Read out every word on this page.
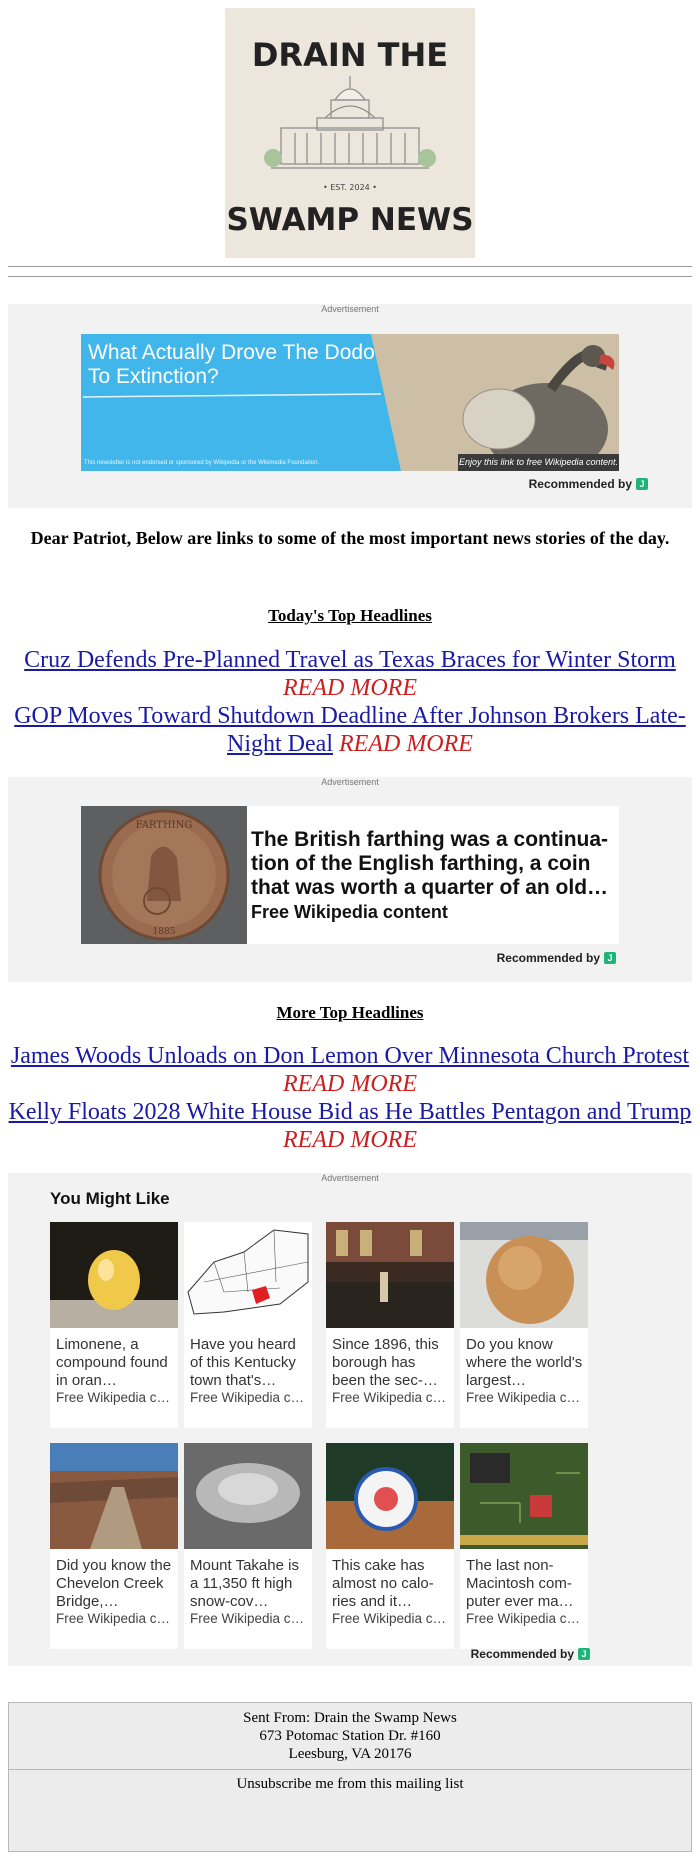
DRAIN THE
• EST. 2024 •
SWAMP NEWS
Advertisement
What Actually Drove The Dodo To Extinction?
This newsletter is not endorsed or sponsored by Wikipedia or the Wikimedia Foundation.	Enjoy this link to free Wikipedia content.
Recommended by J
Dear Patriot, Below are links to some of the most important news stories of the day.
Today's Top Headlines
Cruz Defends Pre-Planned Travel as Texas Braces for Winter Storm
READ MORE
GOP Moves Toward Shutdown Deadline After Johnson Brokers Late-Night Deal READ MORE
Advertisement
FARTHING
1885
The British farthing was a continua-tion of the English farthing, a coin that was worth a quarter of an old…
Free Wikipedia content
Recommended by J
More Top Headlines
James Woods Unloads on Don Lemon Over Minnesota Church Protest READ MORE
Kelly Floats 2028 White House Bid as He Battles Pentagon and Trump READ MORE
Advertisement
You Might Like
Limonene, a compound found in oran…
Free Wikipedia c…
Have you heard of this Kentucky town that's…
Free Wikipedia c…
Since 1896, this borough has been the sec-…
Free Wikipedia c…
Do you know where the world's largest…
Free Wikipedia c…
Did you know the Chevelon Creek Bridge,…
Free Wikipedia c…
Mount Takahe is a 11,350 ft high snow-cov…
Free Wikipedia c…
This cake has almost no calo-ries and it…
Free Wikipedia c…
The last non-Macintosh com-puter ever ma…
Free Wikipedia c…
Recommended by J
Sent From: Drain the Swamp News
673 Potomac Station Dr. #160
Leesburg, VA 20176
Unsubscribe me from this mailing list
